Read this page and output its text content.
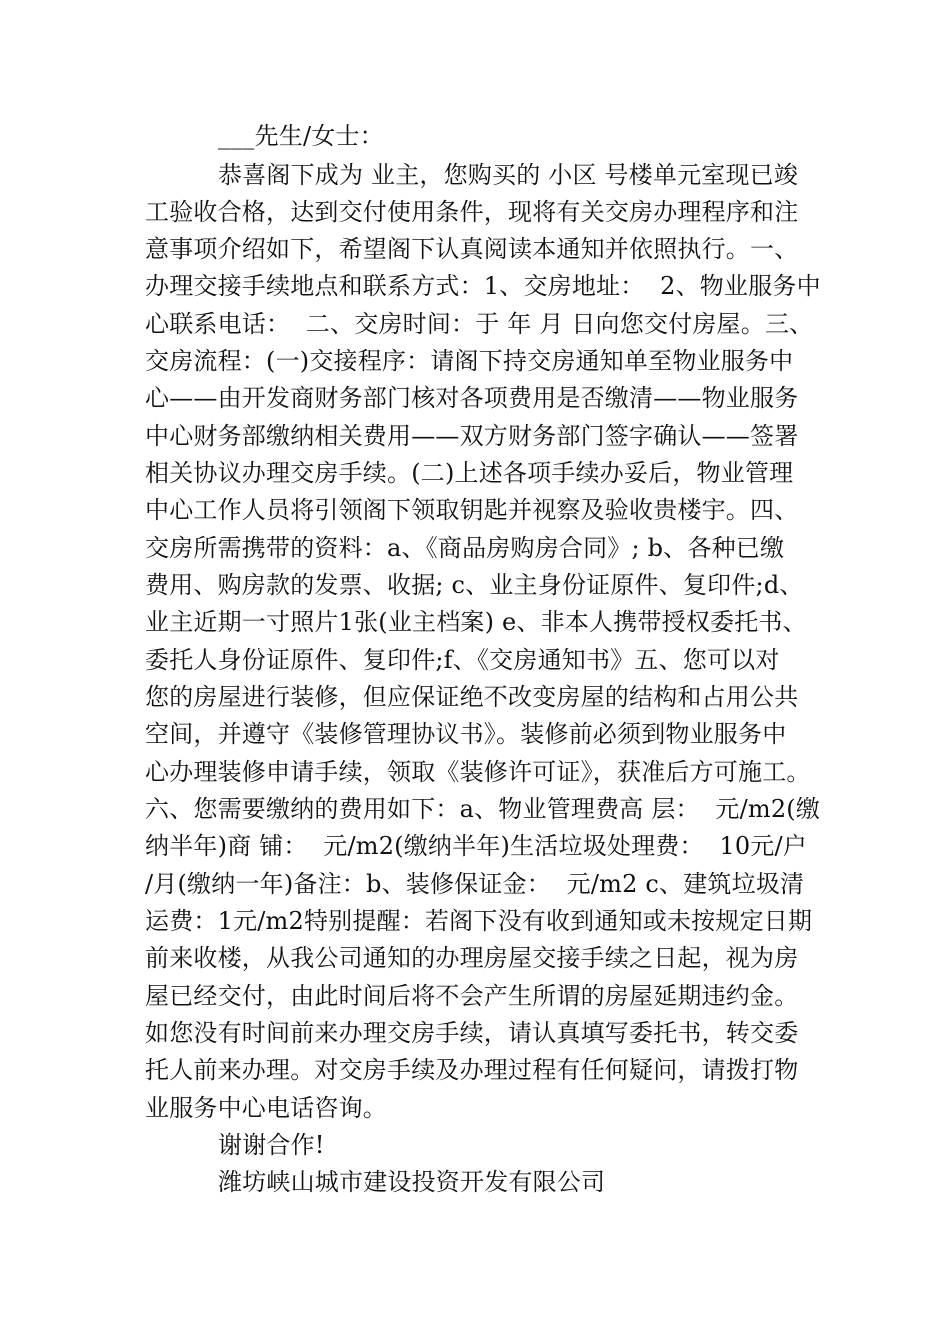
___先生/女士：
恭喜阁下成为 业主，您购买的 小区 号楼单元室现已竣
工验收合格，达到交付使用条件，现将有关交房办理程序和注
意事项介绍如下，希望阁下认真阅读本通知并依照执行。一、
办理交接手续地点和联系方式：1、交房地址：  2、物业服务中
心联系电话：  二、交房时间：于 年 月 日向您交付房屋。三、
交房流程：(一)交接程序：请阁下持交房通知单至物业服务中
心——由开发商财务部门核对各项费用是否缴清——物业服务
中心财务部缴纳相关费用——双方财务部门签字确认——签署
相关协议办理交房手续。(二)上述各项手续办妥后，物业管理
中心工作人员将引领阁下领取钥匙并视察及验收贵楼宇。四、
交房所需携带的资料：a、《商品房购房合同》; b、各种已缴
费用、购房款的发票、收据; c、业主身份证原件、复印件;d、
业主近期一寸照片1张(业主档案) e、非本人携带授权委托书、
委托人身份证原件、复印件;f、《交房通知书》五、您可以对
您的房屋进行装修，但应保证绝不改变房屋的结构和占用公共
空间，并遵守《装修管理协议书》。装修前必须到物业服务中
心办理装修申请手续，领取《装修许可证》，获准后方可施工。
六、您需要缴纳的费用如下：a、物业管理费高 层：  元/m2(缴
纳半年)商 铺：  元/m2(缴纳半年)生活垃圾处理费：  10元/户
/月(缴纳一年)备注：b、装修保证金：  元/m2 c、建筑垃圾清
运费：1元/m2特别提醒：若阁下没有收到通知或未按规定日期
前来收楼，从我公司通知的办理房屋交接手续之日起，视为房
屋已经交付，由此时间后将不会产生所谓的房屋延期违约金。
如您没有时间前来办理交房手续，请认真填写委托书，转交委
托人前来办理。对交房手续及办理过程有任何疑问，请拨打物
业服务中心电话咨询。
谢谢合作!
潍坊峡山城市建设投资开发有限公司
